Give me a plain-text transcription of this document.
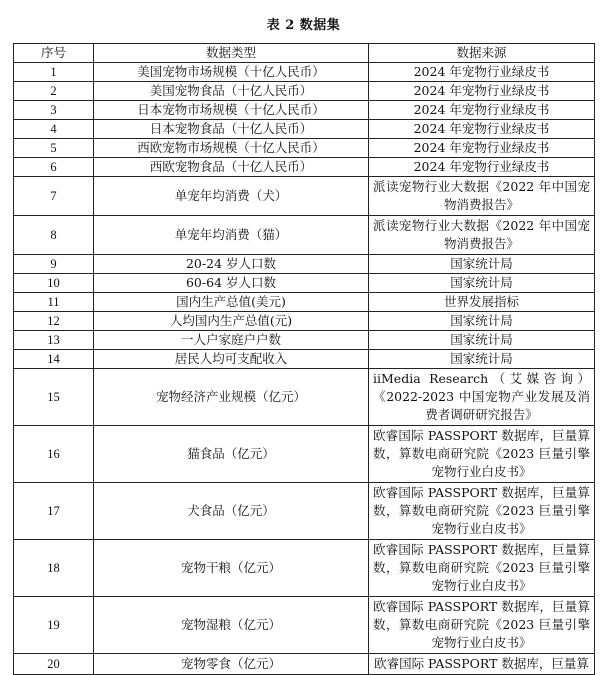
表 2 数据集
序号	数据类型	数据来源
1	美国宠物市场规模（十亿人民币）	2024 年宠物行业绿皮书
2	美国宠物食品（十亿人民币）	2024 年宠物行业绿皮书
3	日本宠物市场规模（十亿人民币）	2024 年宠物行业绿皮书
4	日本宠物食品（十亿人民币）	2024 年宠物行业绿皮书
5	西欧宠物市场规模（十亿人民币）	2024 年宠物行业绿皮书
6	西欧宠物食品（十亿人民币）	2024 年宠物行业绿皮书
7	单宠年均消费（犬）	派读宠物行业大数据《2022 年中国宠物消费报告》
8	单宠年均消费（猫）	派读宠物行业大数据《2022 年中国宠物消费报告》
9	20-24 岁人口数	国家统计局
10	60-64 岁人口数	国家统计局
11	国内生产总值(美元)	世界发展指标
12	人均国内生产总值(元)	国家统计局
13	一人户家庭户户数	国家统计局
14	居民人均可支配收入	国家统计局
15	宠物经济产业规模（亿元）	iiMedia Research（艾媒咨询）《2022-2023 中国宠物产业发展及消费者调研研究报告》
16	猫食品（亿元）	欧睿国际 PASSPORT 数据库，巨量算数，算数电商研究院《2023 巨量引擎宠物行业白皮书》
17	犬食品（亿元）	欧睿国际 PASSPORT 数据库，巨量算数，算数电商研究院《2023 巨量引擎宠物行业白皮书》
18	宠物干粮（亿元）	欧睿国际 PASSPORT 数据库，巨量算数，算数电商研究院《2023 巨量引擎宠物行业白皮书》
19	宠物湿粮（亿元）	欧睿国际 PASSPORT 数据库，巨量算数，算数电商研究院《2023 巨量引擎宠物行业白皮书》
20	宠物零食（亿元）	欧睿国际 PASSPORT 数据库，巨量算
